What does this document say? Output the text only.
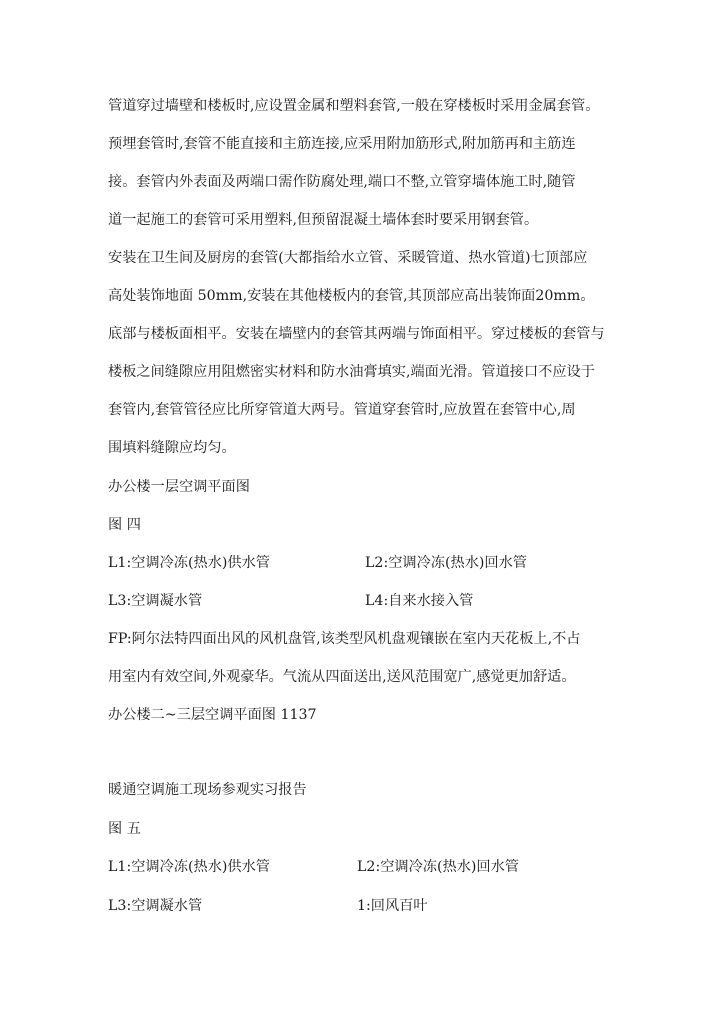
管道穿过墙壁和楼板时,应设置金属和塑料套管,一般在穿楼板时采用金属套管。
预埋套管时,套管不能直接和主筋连接,应采用附加筋形式,附加筋再和主筋连
接。套管内外表面及两端口需作防腐处理,端口不整,立管穿墙体施工时,随管
道一起施工的套管可采用塑料,但预留混凝土墙体套时要采用钢套管。
安装在卫生间及厨房的套管(大都指给水立管、采暖管道、热水管道)七顶部应
高处装饰地面 50mm,安装在其他楼板内的套管,其顶部应高出装饰面20mm。
底部与楼板面相平。安装在墙壁内的套管其两端与饰面相平。穿过楼板的套管与
楼板之间缝隙应用阻燃密实材料和防水油膏填实,端面光滑。管道接口不应设于
套管内,套管管径应比所穿管道大两号。管道穿套管时,应放置在套管中心,周
围填料缝隙应均匀。
办公楼一层空调平面图
图 四
L1:空调冷冻(热水)供水管	L2:空调冷冻(热水)回水管
L3:空调凝水管	L4:自来水接入管
FP:阿尔法特四面出风的风机盘管,该类型风机盘观镶嵌在室内天花板上,不占
用室内有效空间,外观豪华。气流从四面送出,送风范围宽广,感觉更加舒适。
办公楼二~三层空调平面图 1137
暖通空调施工现场参观实习报告
图 五
L1:空调冷冻(热水)供水管	L2:空调冷冻(热水)回水管
L3:空调凝水管	1:回风百叶
